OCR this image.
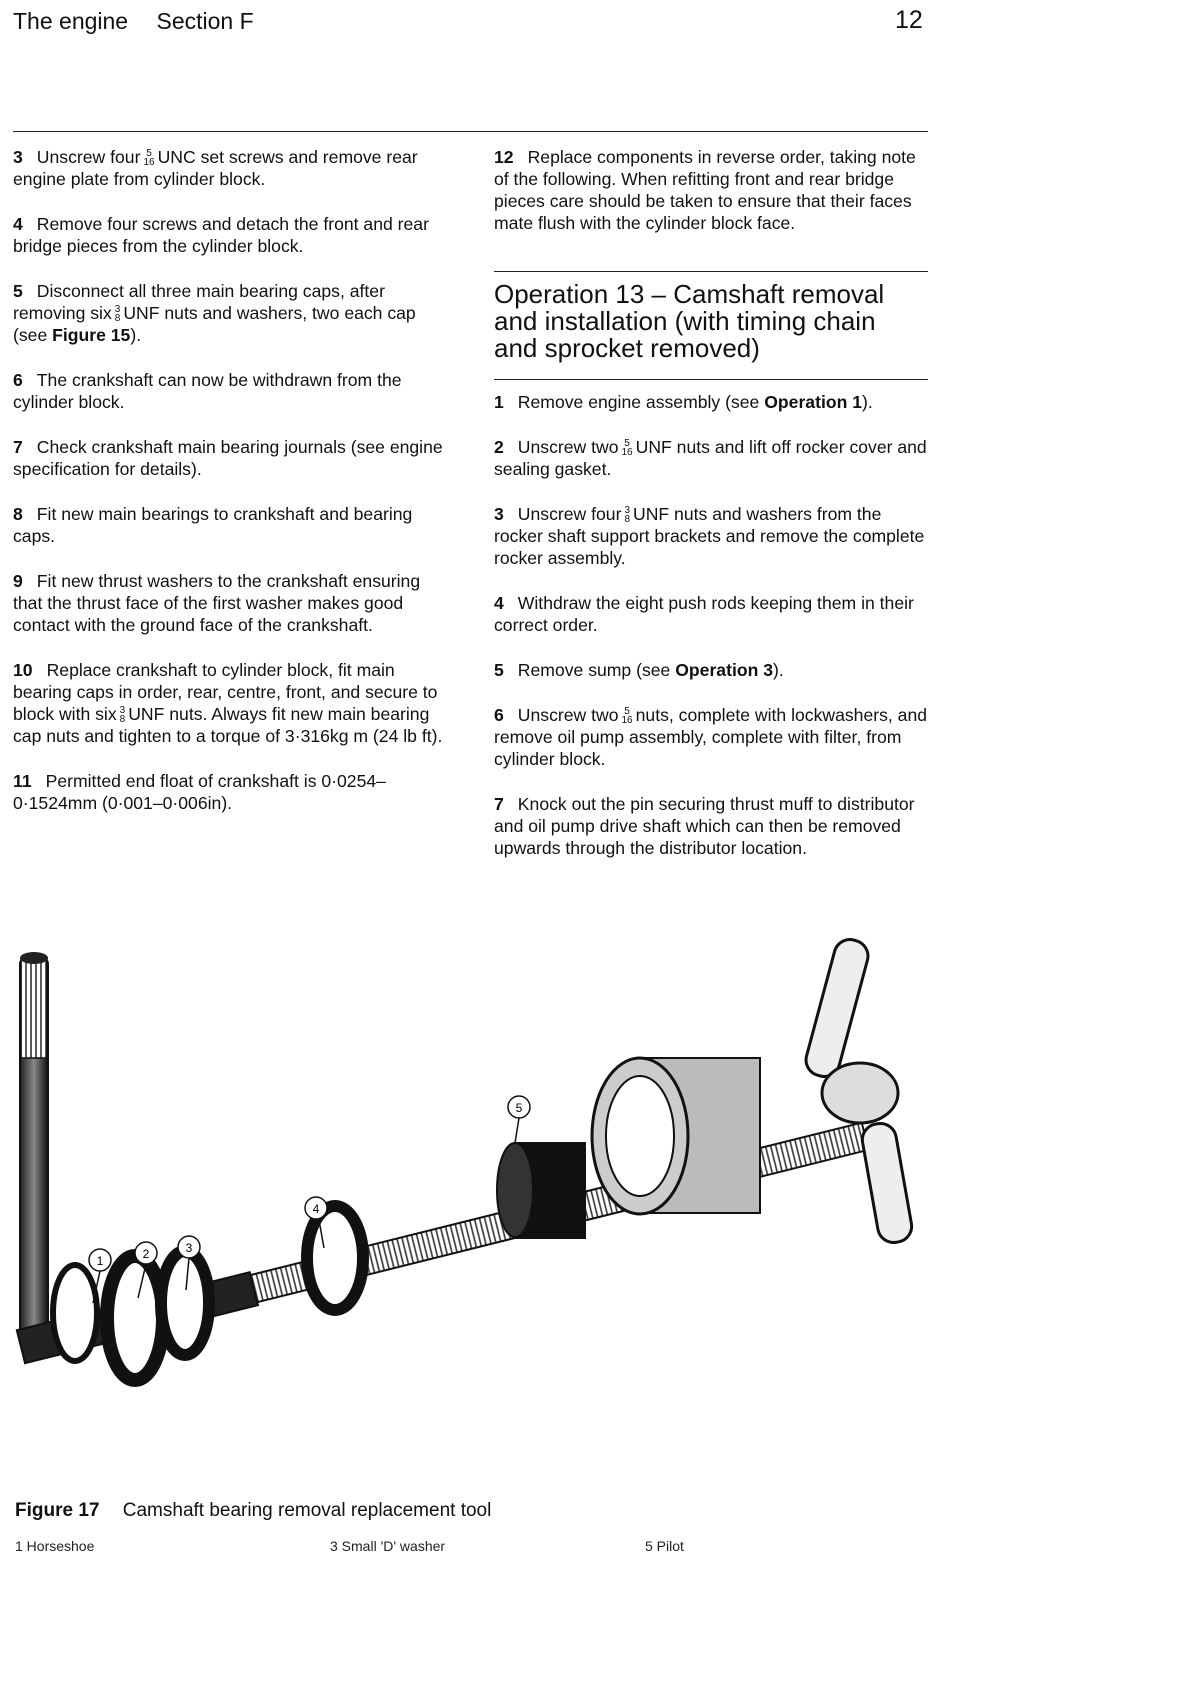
The engine Section F	12

3 Unscrew four 5
16 UNC set screws and remove rear engine plate from cylinder block.

4 Remove four screws and detach the front and rear bridge pieces from the cylinder block.

5 Disconnect all three main bearing caps, after removing six 3
8 UNF nuts and washers, two each cap (see Figure 15).

6 The crankshaft can now be withdrawn from the cylinder block.

7 Check crankshaft main bearing journals (see engine specification for details).

8 Fit new main bearings to crankshaft and bearing caps.

9 Fit new thrust washers to the crankshaft ensuring that the thrust face of the first washer makes good contact with the ground face of the crankshaft.

10 Replace crankshaft to cylinder block, fit main bearing caps in order, rear, centre, front, and secure to block with six 3
8 UNF nuts. Always fit new main bearing cap nuts and tighten to a torque of 3·316kg m (24 lb ft).

11 Permitted end float of crankshaft is 0·0254–0·1524mm (0·001–0·006in).

12 Replace components in reverse order, taking note of the following. When refitting front and rear bridge pieces care should be taken to ensure that their faces mate flush with the cylinder block face.

Operation 13 – Camshaft removal and installation (with timing chain and sprocket removed)

1 Remove engine assembly (see Operation 1).

2 Unscrew two 5
16 UNF nuts and lift off rocker cover and sealing gasket.

3 Unscrew four 3
8 UNF nuts and washers from the rocker shaft support brackets and remove the complete rocker assembly.

4 Withdraw the eight push rods keeping them in their correct order.

5 Remove sump (see Operation 3).

6 Unscrew two 5
16 nuts, complete with lockwashers, and remove oil pump assembly, complete with filter, from cylinder block.

7 Knock out the pin securing thrust muff to distributor and oil pump drive shaft which can then be removed upwards through the distributor location.

1	2	3
4
5
Figure 17 Camshaft bearing removal replacement tool
1 Horseshoe	3 Small 'D' washer	5 Pilot
